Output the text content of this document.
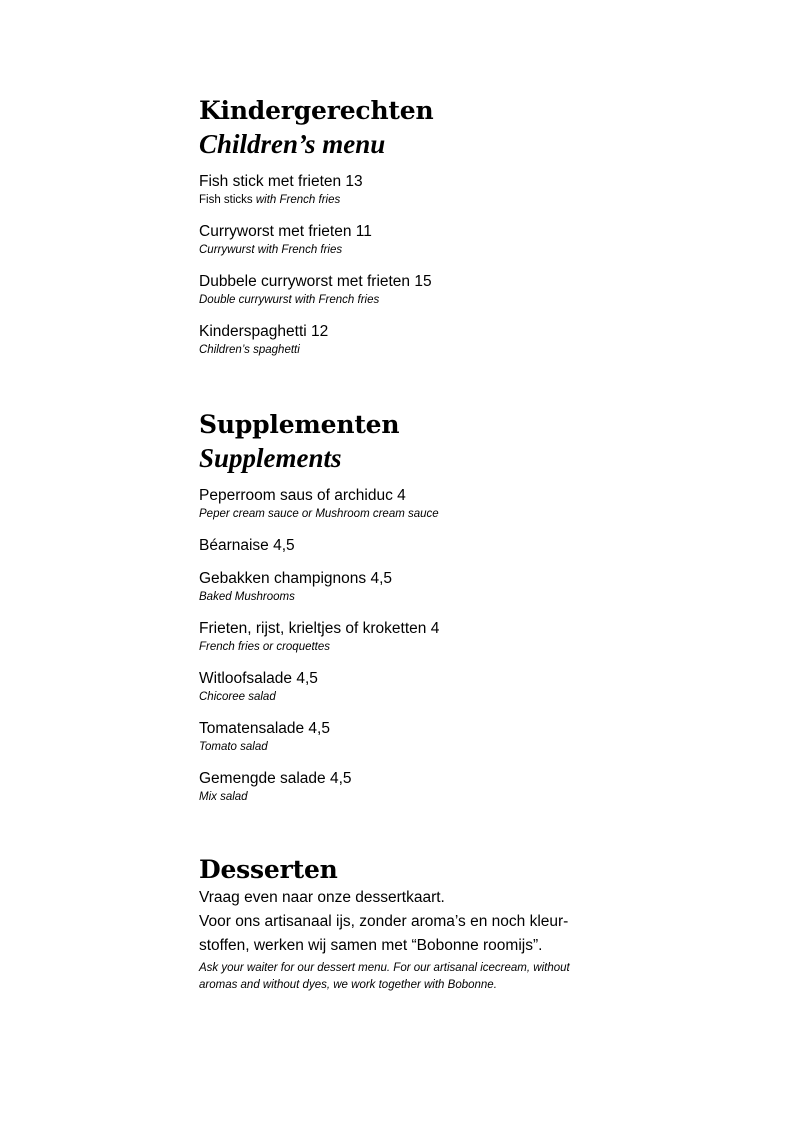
Kindergerechten
Children’s menu
Fish stick met frieten 13
Fish sticks with French fries
Curryworst met frieten 11
Currywurst with French fries
Dubbele curryworst met frieten 15
Double currywurst with French fries
Kinderspaghetti 12
Children’s spaghetti
Supplementen
Supplements
Peperroom saus of archiduc 4
Peper cream sauce or Mushroom cream sauce
Béarnaise 4,5
Gebakken champignons 4,5
Baked Mushrooms
Frieten, rijst, krieltjes of kroketten 4
French fries or croquettes
Witloofsalade 4,5
Chicoree salad
Tomatensalade 4,5
Tomato salad
Gemengde salade 4,5
Mix salad
Desserten
Vraag even naar onze dessertkaart.
Voor ons artisanaal ijs, zonder aroma’s en noch kleur-
stoffen, werken wij samen met “Bobonne roomijs”.
Ask your waiter for our dessert menu. For our artisanal icecream, without
aromas and without dyes, we work together with Bobonne.
